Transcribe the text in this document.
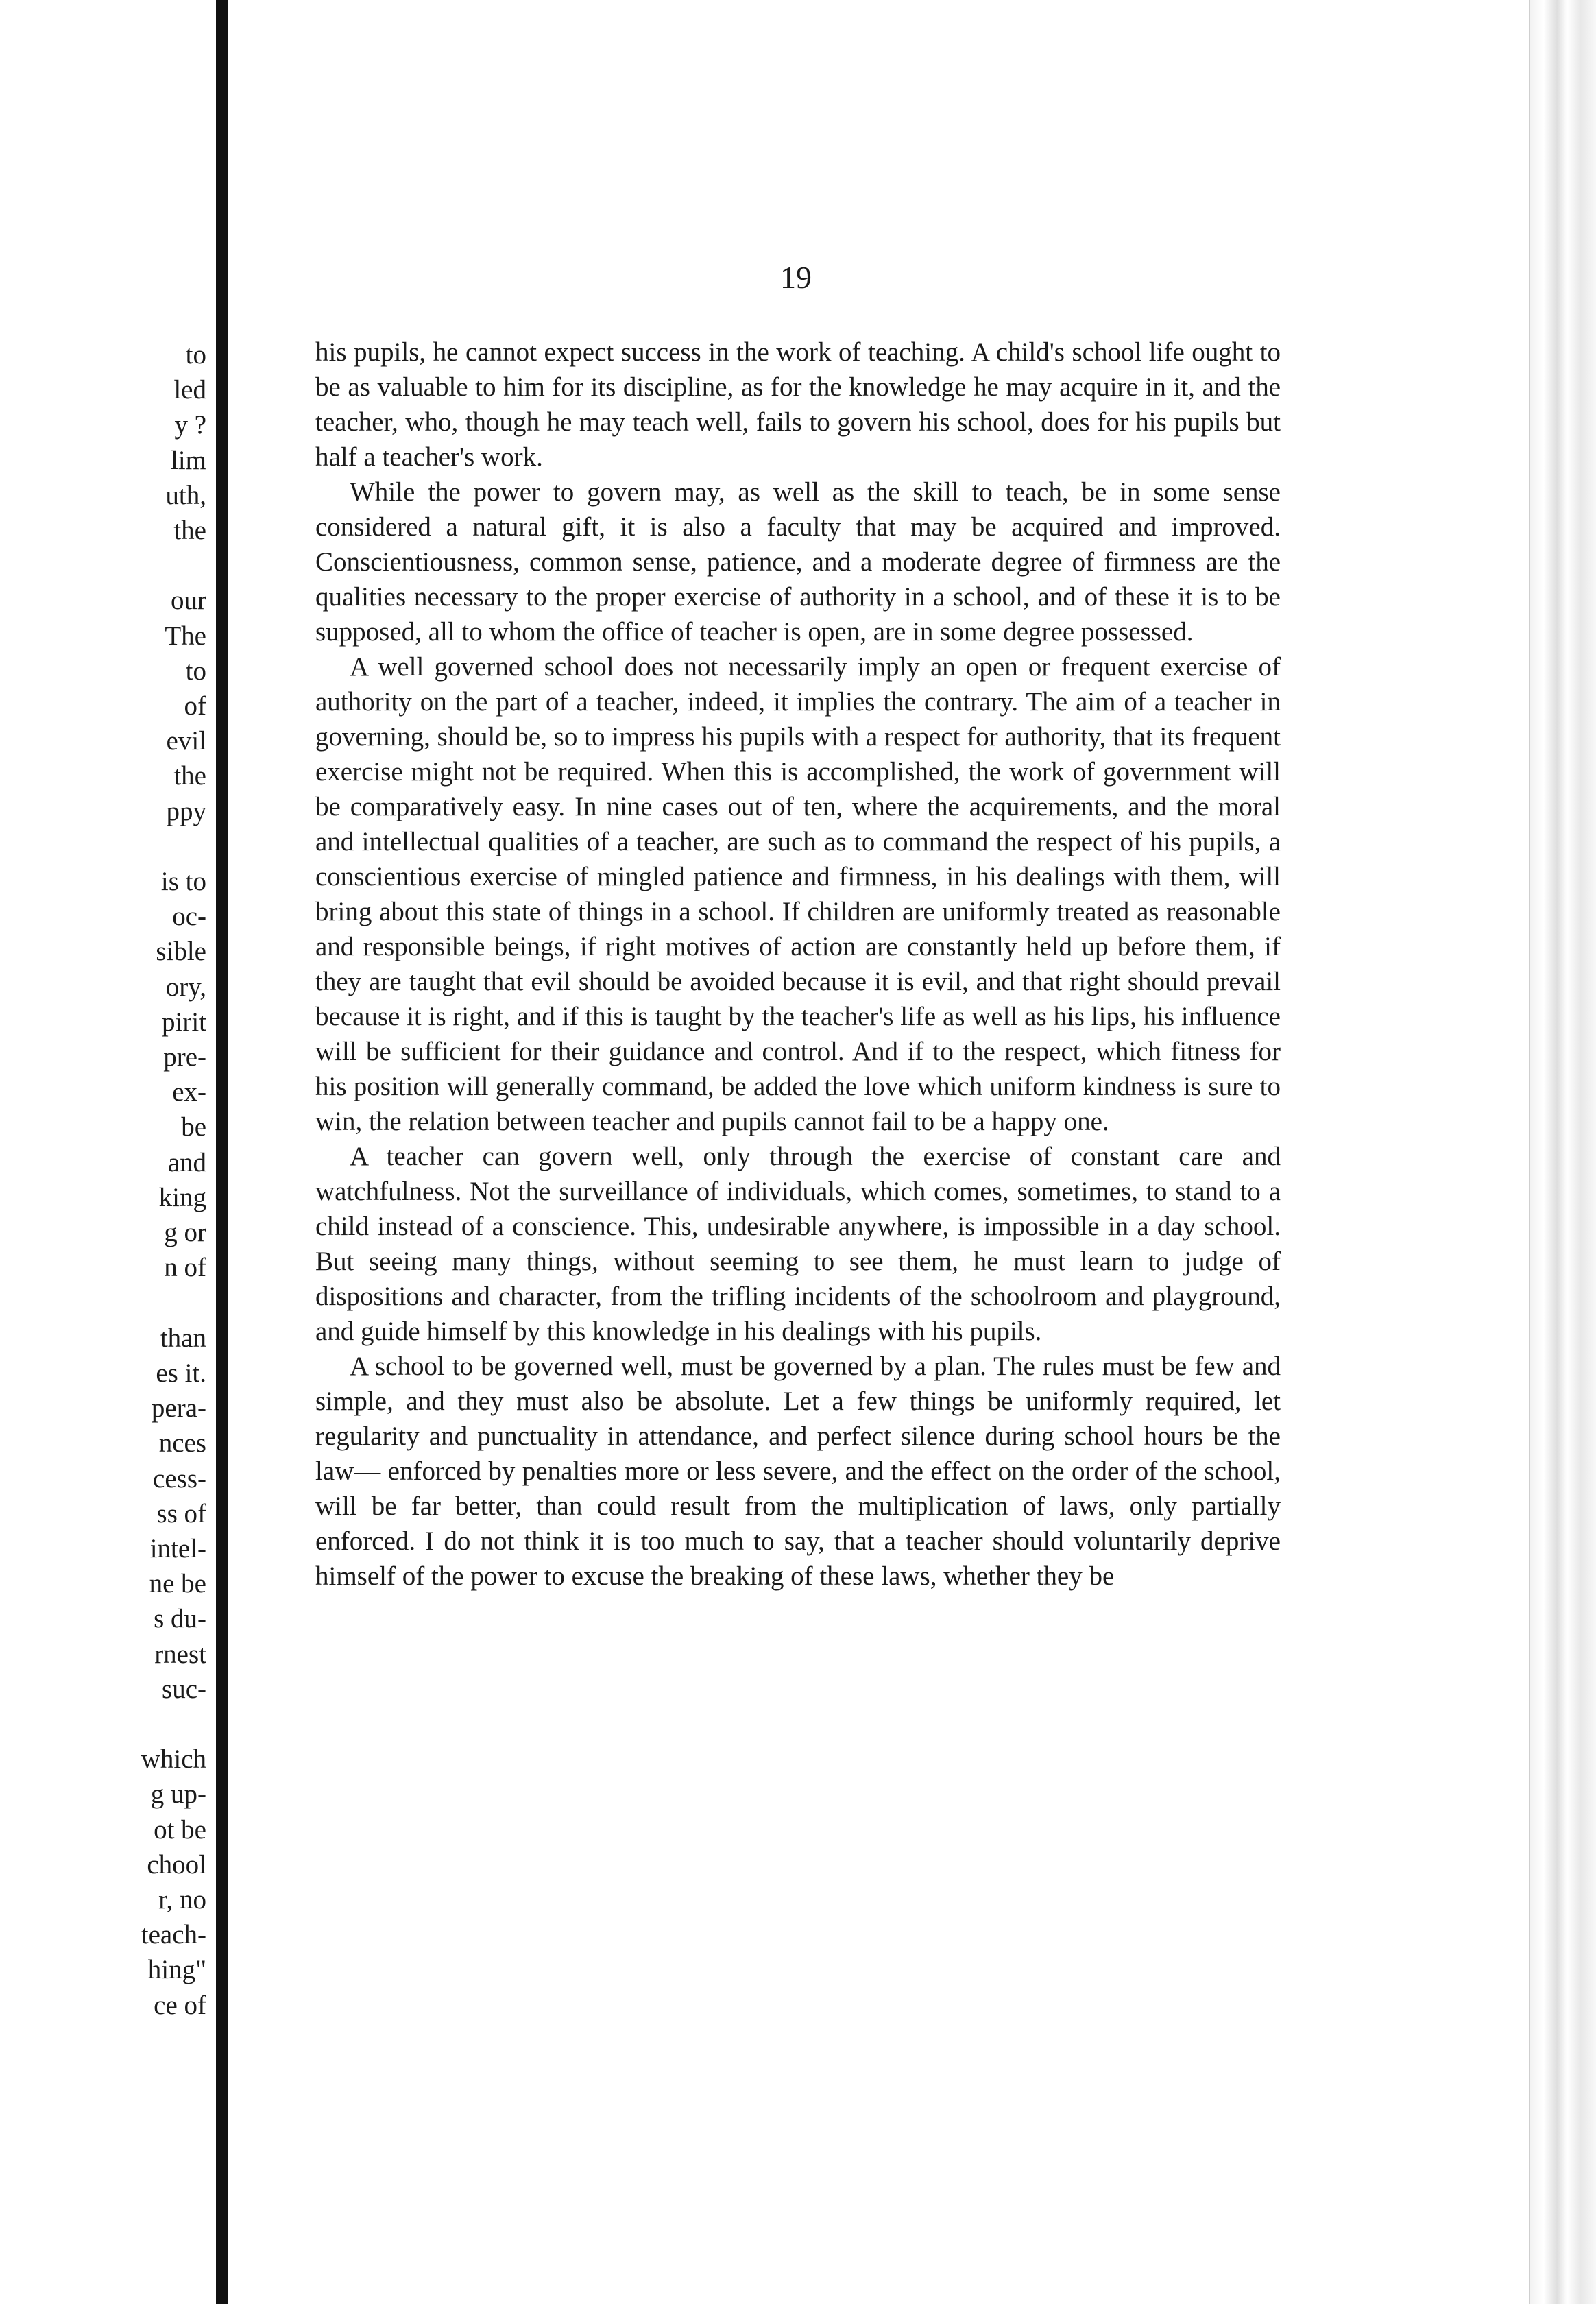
to
led
y ?
lim
uth,
the

our
The
to
of
evil
the
ppy

is to
oc-
sible
ory,
pirit
pre-
ex-
be
and
king
g or
n of

than
es it.
pera-
nces
cess-
ss of
intel-
ne be
s du-
rnest
suc-

which
g up-
ot be
chool
r, no
teach-
hing"
ce of
19

his pupils, he cannot expect success in the work of teaching. A child's school life ought to be as valuable to him for its discipline, as for the knowledge he may acquire in it, and the teacher, who, though he may teach well, fails to govern his school, does for his pupils but half a teacher's work.

While the power to govern may, as well as the skill to teach, be in some sense considered a natural gift, it is also a faculty that may be acquired and improved. Conscientiousness, common sense, patience, and a moderate degree of firmness are the qualities necessary to the proper exercise of authority in a school, and of these it is to be supposed, all to whom the office of teacher is open, are in some degree possessed.

A well governed school does not necessarily imply an open or frequent exercise of authority on the part of a teacher, indeed, it implies the contrary. The aim of a teacher in governing, should be, so to impress his pupils with a respect for authority, that its frequent exercise might not be required. When this is accomplished, the work of government will be comparatively easy. In nine cases out of ten, where the acquirements, and the moral and intellectual qualities of a teacher, are such as to command the respect of his pupils, a conscientious exercise of mingled patience and firmness, in his dealings with them, will bring about this state of things in a school. If children are uniformly treated as reasonable and responsible beings, if right motives of action are constantly held up before them, if they are taught that evil should be avoided because it is evil, and that right should prevail because it is right, and if this is taught by the teacher's life as well as his lips, his influence will be sufficient for their guidance and control. And if to the respect, which fitness for his position will generally command, be added the love which uniform kindness is sure to win, the relation between teacher and pupils cannot fail to be a happy one.

A teacher can govern well, only through the exercise of constant care and watchfulness. Not the surveillance of individuals, which comes, sometimes, to stand to a child instead of a conscience. This, undesirable anywhere, is impossible in a day school. But seeing many things, without seeming to see them, he must learn to judge of dispositions and character, from the trifling incidents of the schoolroom and playground, and guide himself by this knowledge in his dealings with his pupils.

A school to be governed well, must be governed by a plan. The rules must be few and simple, and they must also be absolute. Let a few things be uniformly required, let regularity and punctuality in attendance, and perfect silence during school hours be the law— enforced by penalties more or less severe, and the effect on the order of the school, will be far better, than could result from the multiplication of laws, only partially enforced. I do not think it is too much to say, that a teacher should voluntarily deprive himself of the power to excuse the breaking of these laws, whether they be
